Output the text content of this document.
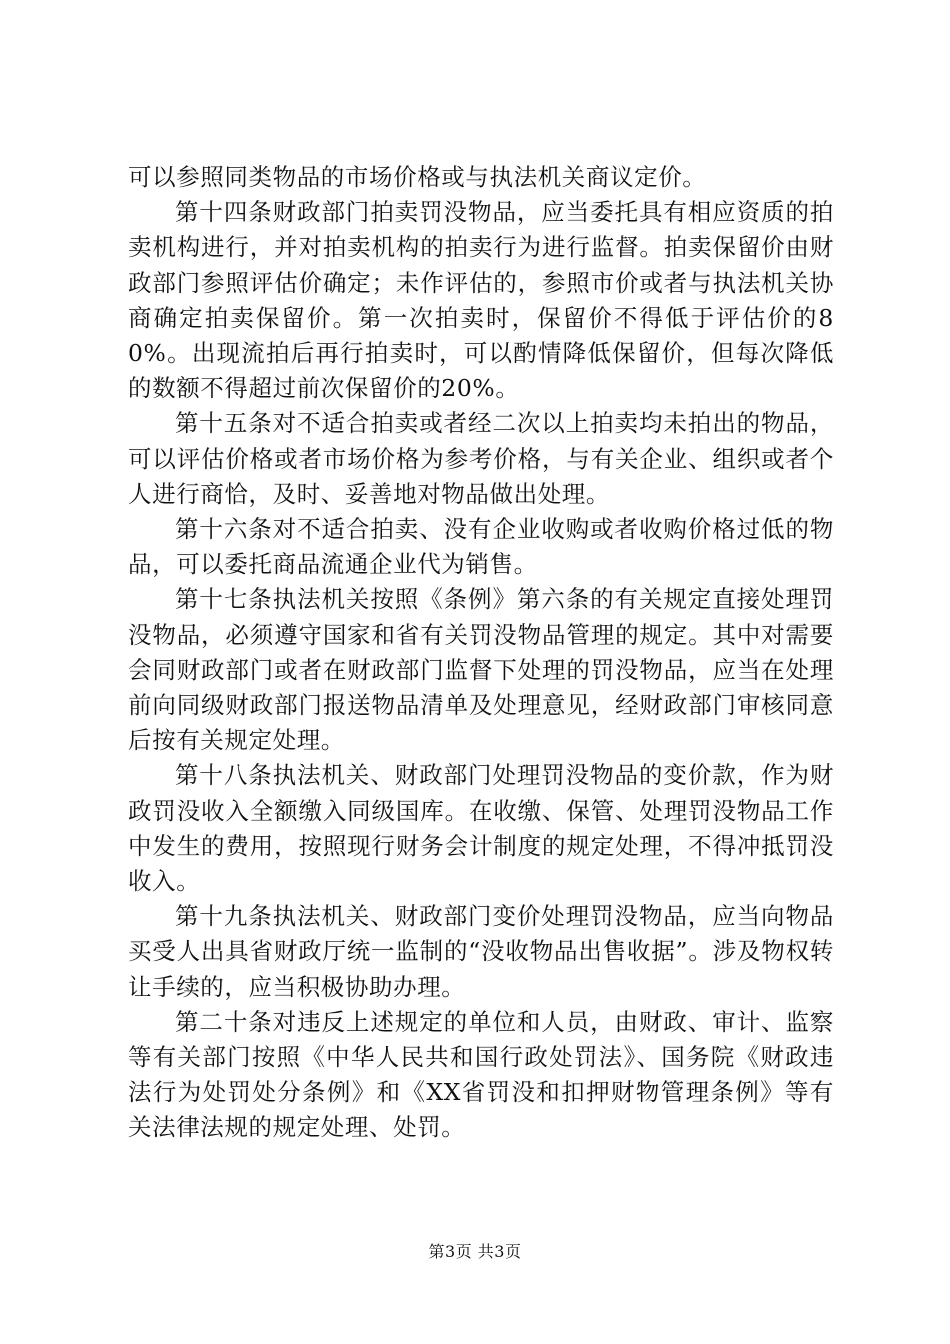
可以参照同类物品的市场价格或与执法机关商议定价。

第十四条财政部门拍卖罚没物品，应当委托具有相应资质的拍卖机构进行，并对拍卖机构的拍卖行为进行监督。拍卖保留价由财政部门参照评估价确定；未作评估的，参照市价或者与执法机关协商确定拍卖保留价。第一次拍卖时，保留价不得低于评估价的80%。出现流拍后再行拍卖时，可以酌情降低保留价，但每次降低的数额不得超过前次保留价的20%。

第十五条对不适合拍卖或者经二次以上拍卖均未拍出的物品，可以评估价格或者市场价格为参考价格，与有关企业、组织或者个人进行商恰，及时、妥善地对物品做出处理。

第十六条对不适合拍卖、没有企业收购或者收购价格过低的物品，可以委托商品流通企业代为销售。

第十七条执法机关按照《条例》第六条的有关规定直接处理罚没物品，必须遵守国家和省有关罚没物品管理的规定。其中对需要会同财政部门或者在财政部门监督下处理的罚没物品，应当在处理前向同级财政部门报送物品清单及处理意见，经财政部门审核同意后按有关规定处理。

第十八条执法机关、财政部门处理罚没物品的变价款，作为财政罚没收入全额缴入同级国库。在收缴、保管、处理罚没物品工作中发生的费用，按照现行财务会计制度的规定处理，不得冲抵罚没收入。

第十九条执法机关、财政部门变价处理罚没物品，应当向物品买受人出具省财政厅统一监制的“没收物品出售收据”。涉及物权转让手续的，应当积极协助办理。

第二十条对违反上述规定的单位和人员，由财政、审计、监察等有关部门按照《中华人民共和国行政处罚法》、国务院《财政违法行为处罚处分条例》和《XX省罚没和扣押财物管理条例》等有关法律法规的规定处理、处罚。

第3页 共3页
